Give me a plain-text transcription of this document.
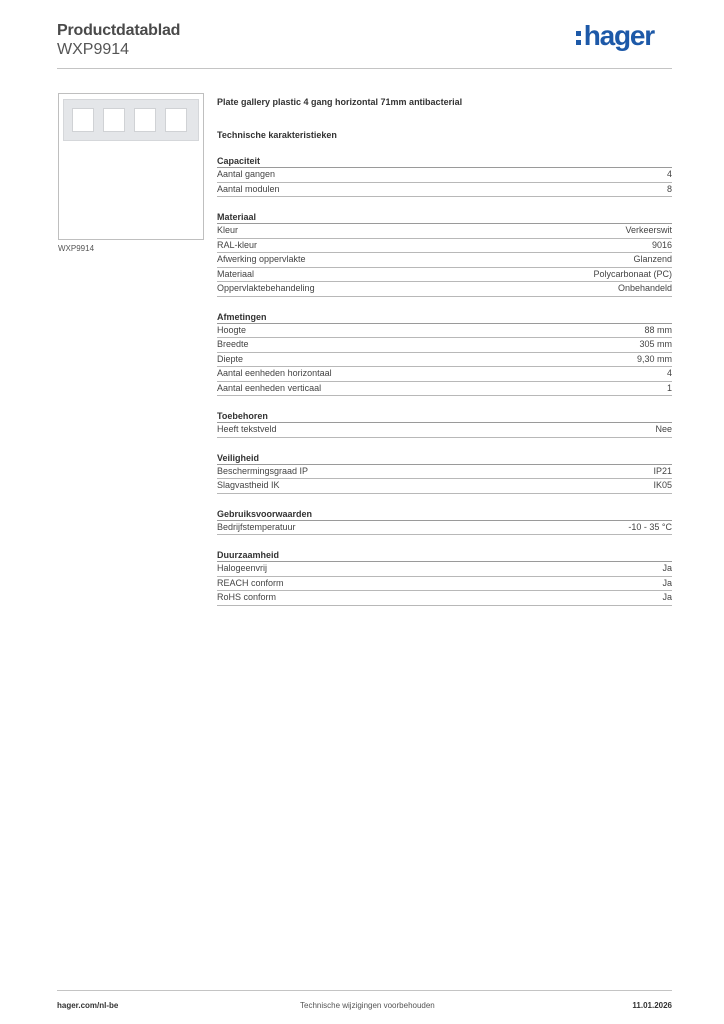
Productdatablad
WXP9914	hager
WXP9914
Plate gallery plastic 4 gang horizontal 71mm antibacterial
Technische karakteristieken
Capaciteit
Aantal gangen	4
Aantal modulen	8
Materiaal
Kleur	Verkeerswit
RAL-kleur	9016
Afwerking oppervlakte	Glanzend
Materiaal	Polycarbonaat (PC)
Oppervlaktebehandeling	Onbehandeld
Afmetingen
Hoogte	88 mm
Breedte	305 mm
Diepte	9,30 mm
Aantal eenheden horizontaal	4
Aantal eenheden verticaal	1
Toebehoren
Heeft tekstveld	Nee
Veiligheid
Beschermingsgraad IP	IP21
Slagvastheid IK	IK05
Gebruiksvoorwaarden
Bedrijfstemperatuur	-10 - 35 °C
Duurzaamheid
Halogeenvrij	Ja
REACH conform	Ja
RoHS conform	Ja
hager.com/nl-be	Technische wijzigingen voorbehouden	11.01.2026
